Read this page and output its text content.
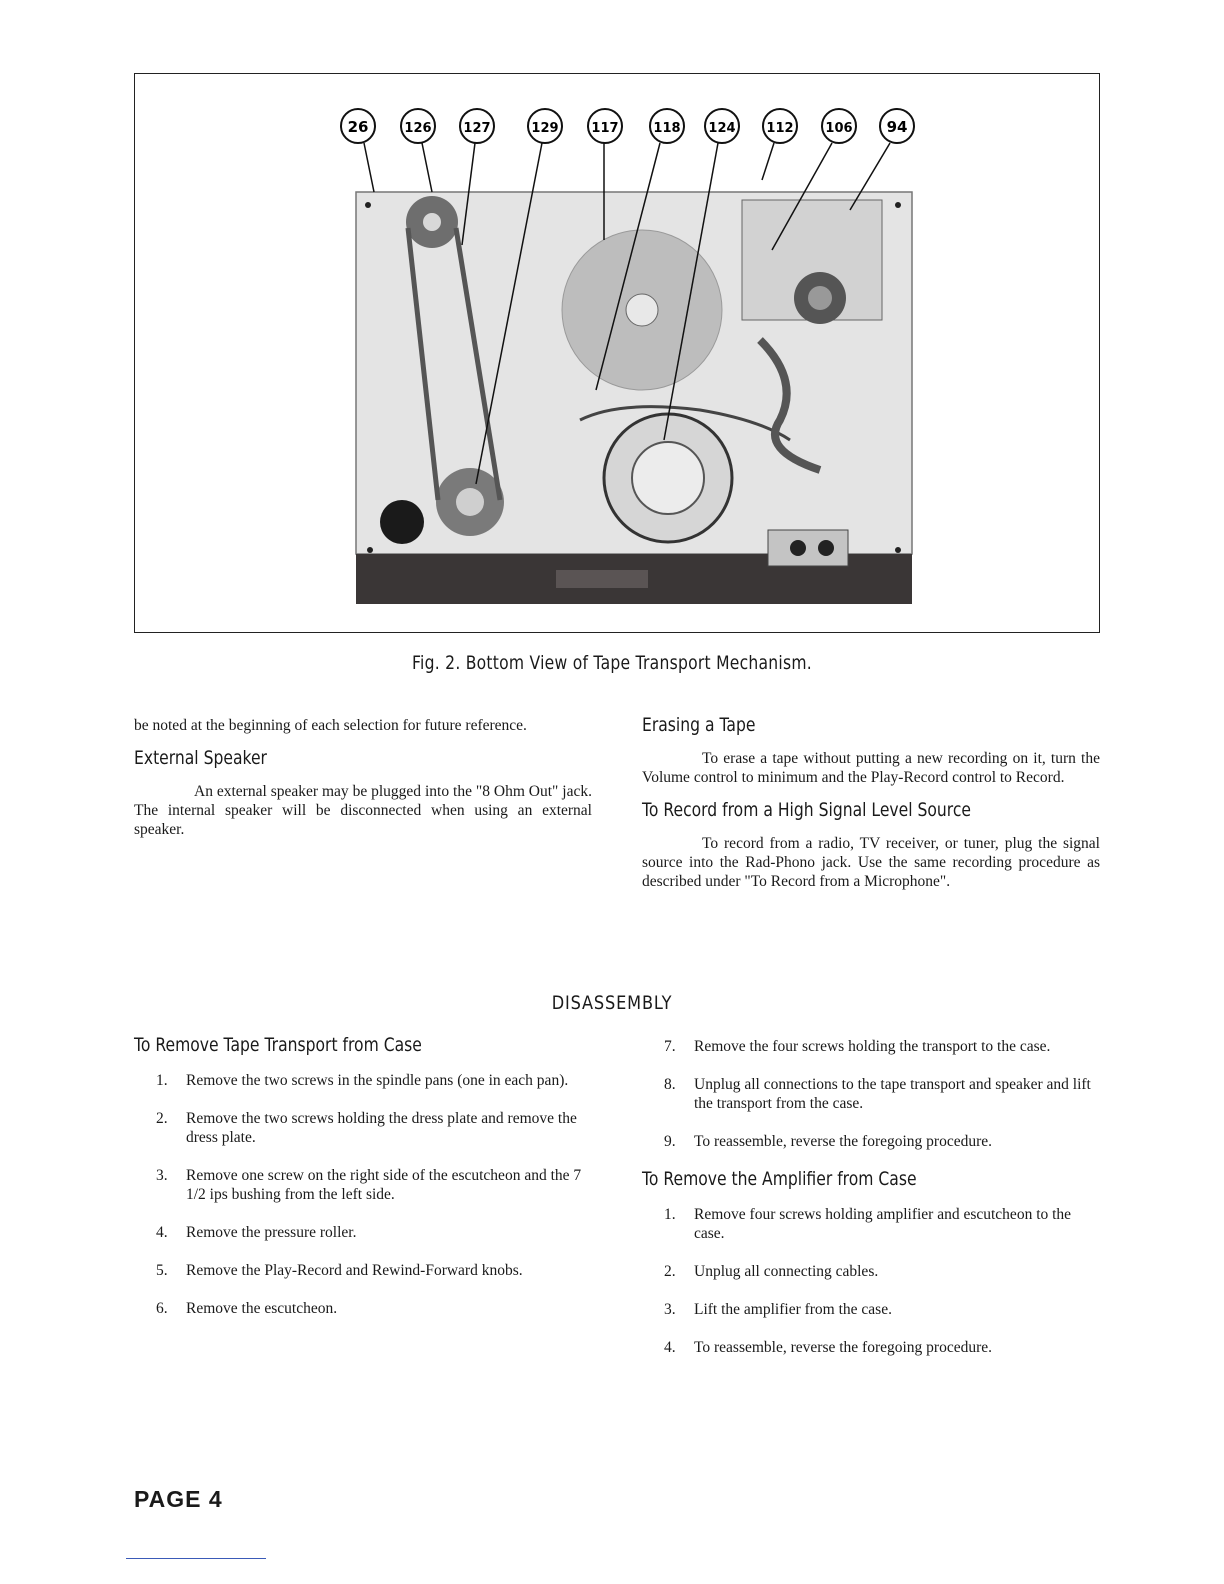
26	126 127	129	117	118 124 112 106 94
Fig. 2. Bottom View of Tape Transport Mechanism.

be noted at the beginning of each selection for future reference.

External Speaker

An external speaker may be plugged into the "8 Ohm Out" jack. The internal speaker will be disconnected when using an external speaker.

Erasing a Tape

To erase a tape without putting a new recording on it, turn the Volume control to minimum and the Play-Record control to Record.

To Record from a High Signal Level Source

To record from a radio, TV receiver, or tuner, plug the signal source into the Rad-Phono jack. Use the same recording procedure as described under "To Record from a Microphone".

DISASSEMBLY
To Remove Tape Transport from Case
1. Remove the two screws in the spindle pans (one in each pan).
2. Remove the two screws holding the dress plate and remove the dress plate.
3. Remove one screw on the right side of the escutcheon and the 7 1/2 ips bushing from the left side.
4. Remove the pressure roller.
5. Remove the Play-Record and Rewind-Forward knobs.
6. Remove the escutcheon.
7. Remove the four screws holding the transport to the case.
8. Unplug all connections to the tape transport and speaker and lift the transport from the case.
9. To reassemble, reverse the foregoing procedure.
To Remove the Amplifier from Case
1. Remove four screws holding amplifier and escutcheon to the case.
2. Unplug all connecting cables.
3. Lift the amplifier from the case.
4. To reassemble, reverse the foregoing procedure.
PAGE 4
